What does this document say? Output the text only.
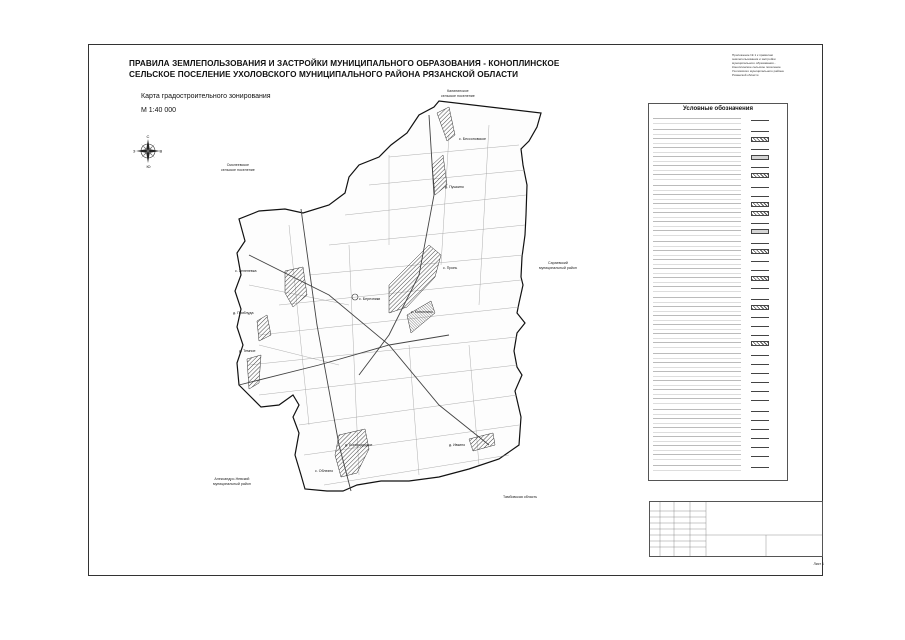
ПРАВИЛА ЗЕМЛЕПОЛЬЗОВАНИЯ И ЗАСТРОЙКИ МУНИЦИПАЛЬНОГО ОБРАЗОВАНИЯ - КОНОПЛИНСКОЕ
СЕЛЬСКОЕ ПОСЕЛЕНИЕ УХОЛОВСКОГО МУНИЦИПАЛЬНОГО РАЙОНА РЯЗАНСКОЙ ОБЛАСТИ
Карта градостроительного зонирования
М 1:40 000
Приложение № 1 к правилам
землепользования и застройки
муниципального образования -
Коноплинское сельское поселение
Ухоловского муниципального района
Рязанской области
С
Ю
З	В
Калининское
сельское поселение
Смолеевское
сельское поселение
Сараевский
муниципальный район
Александро-Невский
муниципальный район
Тамбовская область
с. Бессоновское
д. Пушкино
с. Пронь
с. Коноплино
с. Березники
д. Приблуда
д. Темное
д. Богородицкое
с. Облезно
д. Ивкино
с. Зеленевка
Условные обозначения
Лист 1
